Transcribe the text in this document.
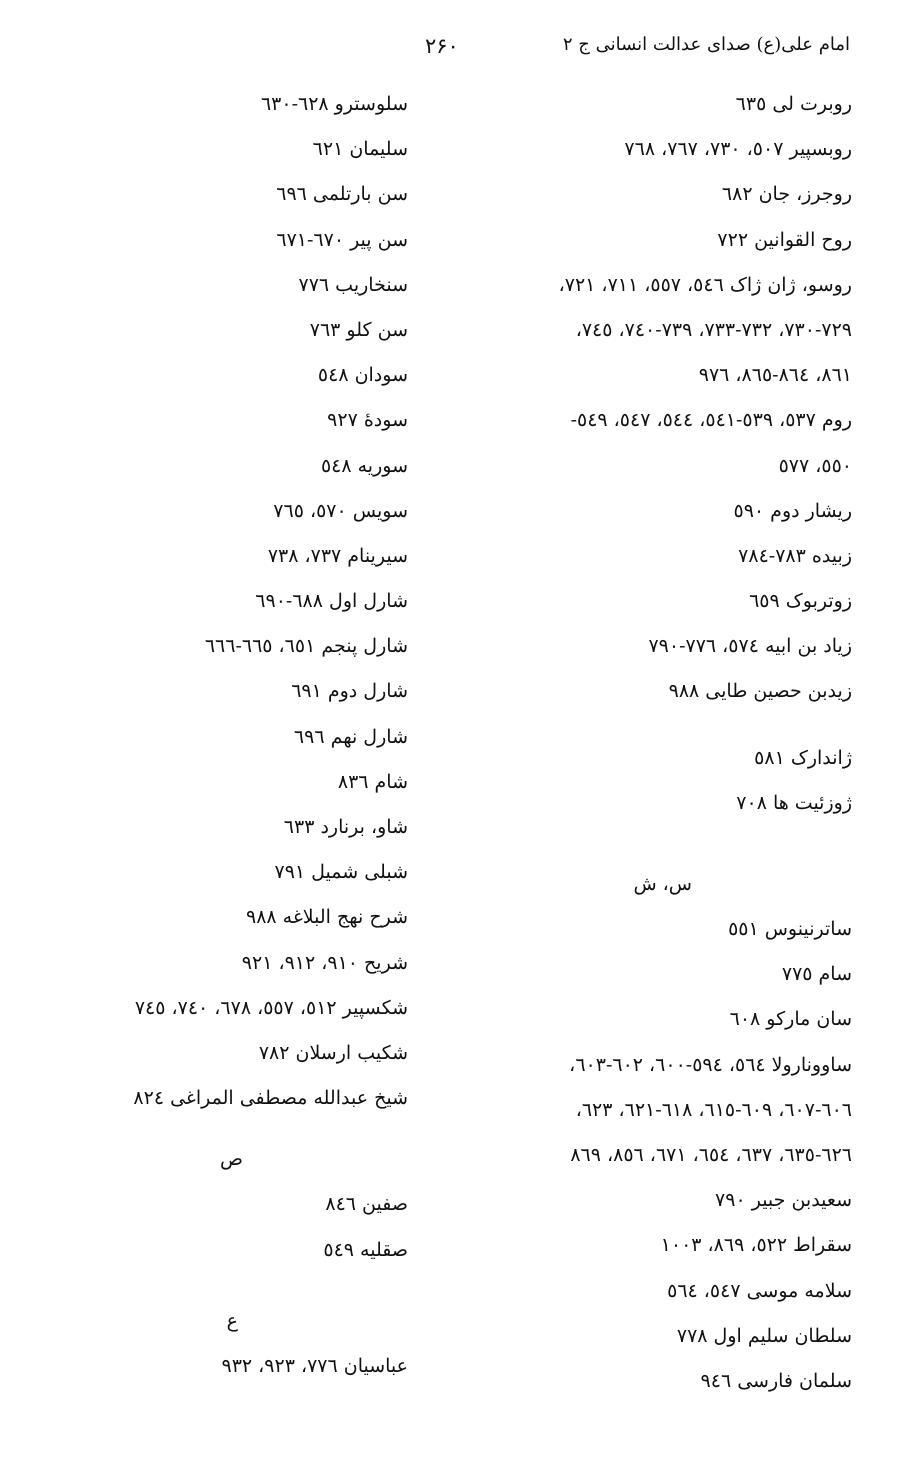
امام علی(ع) صدای عدالت انسانی ج ۲
۲۶۰
روبرت لی ٦٣٥
روبسپیر ٥٠٧، ٧٣٠، ٧٦٧، ٧٦٨
روجرز، جان ٦٨٢
روح القوانین ٧٢٢
روسو، ژان ژاک ٥٤٦، ٥٥٧، ٧١١، ٧٢١،
٧٢٩-٧٣٠، ٧٣٢-٧٣٣، ٧٣٩-٧٤٠، ٧٤٥،
٨٦١، ٨٦٤-٨٦٥، ٩٧٦
روم ٥٣٧، ٥٣٩-٥٤١، ٥٤٤، ٥٤٧، ٥٤٩-
٥٥٠، ٥٧٧
ریشار دوم ٥٩٠
زبیده ٧٨٣-٧٨٤
زوتربوک ٦٥٩
زیاد بن ابیه ٥٧٤، ٧٧٦-٧٩٠
زیدبن حصین طایی ٩٨٨
ژاندارک ٥٨١
ژوزئیت ها ٧٠٨
س، ش
ساترنینوس ٥٥١
سام ٧٧٥
سان مارکو ٦٠٨
ساوونارولا ٥٦٤، ٥٩٤-٦٠٠، ٦٠٢-٦٠٣،
٦٠٦-٦٠٧، ٦٠٩-٦١٥، ٦١٨-٦٢١، ٦٢٣،
٦٢٦-٦٣٥، ٦٣٧، ٦٥٤، ٦٧١، ٨٥٦، ٨٦٩
سعیدبن جبیر ٧٩٠
سقراط ٥٢٢، ٨٦٩، ١٠٠٣
سلامه موسی ٥٤٧، ٥٦٤
سلطان سلیم اول ٧٧٨
سلمان فارسی ٩٤٦
سلوسترو ٦٢٨-٦٣٠
سلیمان ٦٢١
سن بارتلمی ٦٩٦
سن پیر ٦٧٠-٦٧١
سنخاریب ٧٧٦
سن کلو ٧٦٣
سودان ٥٤٨
سودهٔ ٩٢٧
سوریه ٥٤٨
سویس ٥٧٠، ٧٦٥
سیرینام ٧٣٧، ٧٣٨
شارل اول ٦٨٨-٦٩٠
شارل پنجم ٦٥١، ٦٦٥-٦٦٦
شارل دوم ٦٩١
شارل نهم ٦٩٦
شام ٨٣٦
شاو، برنارد ٦٣٣
شبلی شمیل ٧٩١
شرح نهج البلاغه ٩٨٨
شریح ٩١٠، ٩١٢، ٩٢١
شکسپیر ٥١٢، ٥٥٧، ٦٧٨، ٧٤٠، ٧٤٥
شکیب ارسلان ٧٨٢
شیخ عبدالله مصطفی المراغی ٨٢٤
ص
صفین ٨٤٦
صقلیه ٥٤٩
ع
عباسیان ٧٧٦، ٩٢٣، ٩٣٢
